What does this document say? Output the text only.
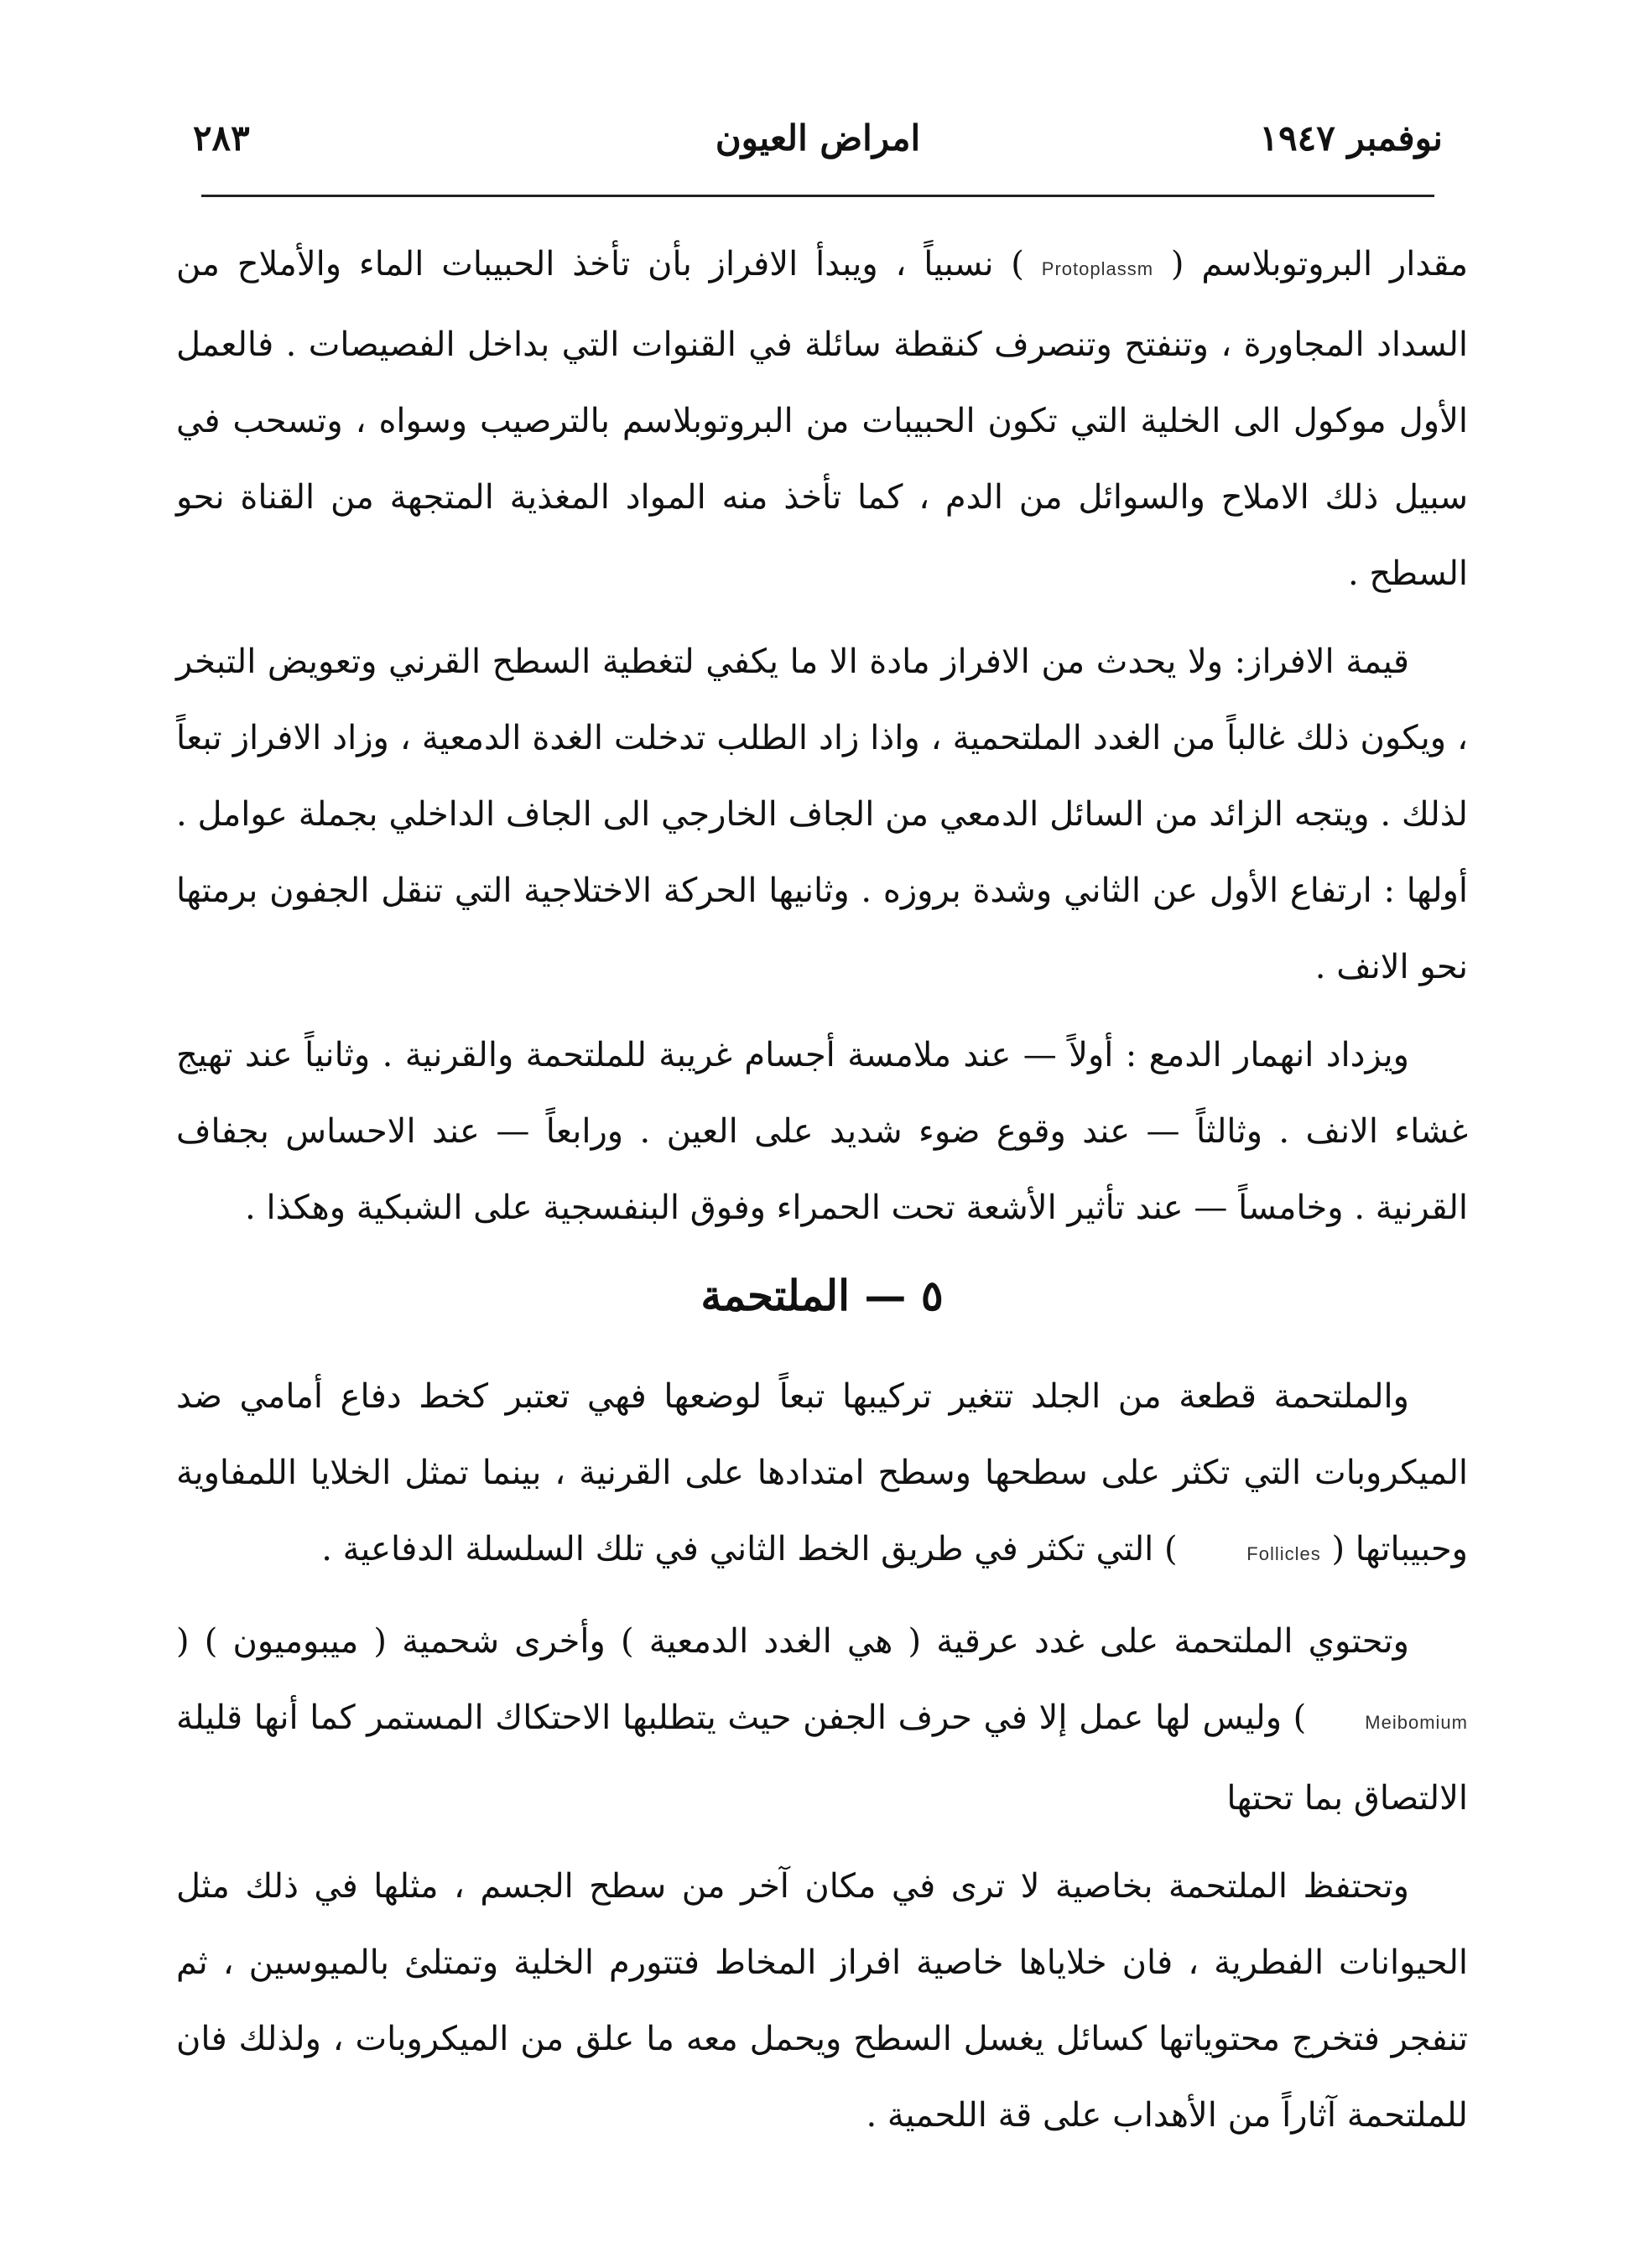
نوفمبر ١٩٤٧
امراض العيون
٢٨٣

مقدار البروتوبلاسم ( Protoplassm ) نسبياً ، ويبدأ الافراز بأن تأخذ الحبيبات الماء والأملاح من السداد المجاورة ، وتنفتح وتنصرف كنقطة سائلة في القنوات التي بداخل الفصيصات . فالعمل الأول موكول الى الخلية التي تكون الحبيبات من البروتوبلاسم بالترصيب وسواه ، وتسحب في سبيل ذلك الاملاح والسوائل من الدم ، كما تأخذ منه المواد المغذية المتجهة من القناة نحو السطح .

قيمة الافراز: ولا يحدث من الافراز مادة الا ما يكفي لتغطية السطح القرني وتعويض التبخر ، ويكون ذلك غالباً من الغدد الملتحمية ، واذا زاد الطلب تدخلت الغدة الدمعية ، وزاد الافراز تبعاً لذلك . ويتجه الزائد من السائل الدمعي من الجاف الخارجي الى الجاف الداخلي بجملة عوامل . أولها : ارتفاع الأول عن الثاني وشدة بروزه . وثانيها الحركة الاختلاجية التي تنقل الجفون برمتها نحو الانف .

ويزداد انهمار الدمع : أولاً — عند ملامسة أجسام غريبة للملتحمة والقرنية . وثانياً عند تهيج غشاء الانف . وثالثاً — عند وقوع ضوء شديد على العين . ورابعاً — عند الاحساس بجفاف القرنية . وخامساً — عند تأثير الأشعة تحت الحمراء وفوق البنفسجية على الشبكية وهكذا .

٥ — الملتحمة

والملتحمة قطعة من الجلد تتغير تركيبها تبعاً لوضعها فهي تعتبر كخط دفاع أمامي ضد الميكروبات التي تكثر على سطحها وسطح امتدادها على القرنية ، بينما تمثل الخلايا اللمفاوية وحبيباتها ( Follicles ) التي تكثر في طريق الخط الثاني في تلك السلسلة الدفاعية .

وتحتوي الملتحمة على غدد عرقية ( هي الغدد الدمعية ) وأخرى شحمية ( ميبوميون ) (Meibomium) وليس لها عمل إلا في حرف الجفن حيث يتطلبها الاحتكاك المستمر كما أنها قليلة الالتصاق بما تحتها

وتحتفظ الملتحمة بخاصية لا ترى في مكان آخر من سطح الجسم ، مثلها في ذلك مثل الحيوانات الفطرية ، فان خلاياها خاصية افراز المخاط فتتورم الخلية وتمتلئ بالميوسين ، ثم تنفجر فتخرج محتوياتها كسائل يغسل السطح ويحمل معه ما علق من الميكروبات ، ولذلك فان للملتحمة آثاراً من الأهداب على قة اللحمية .
